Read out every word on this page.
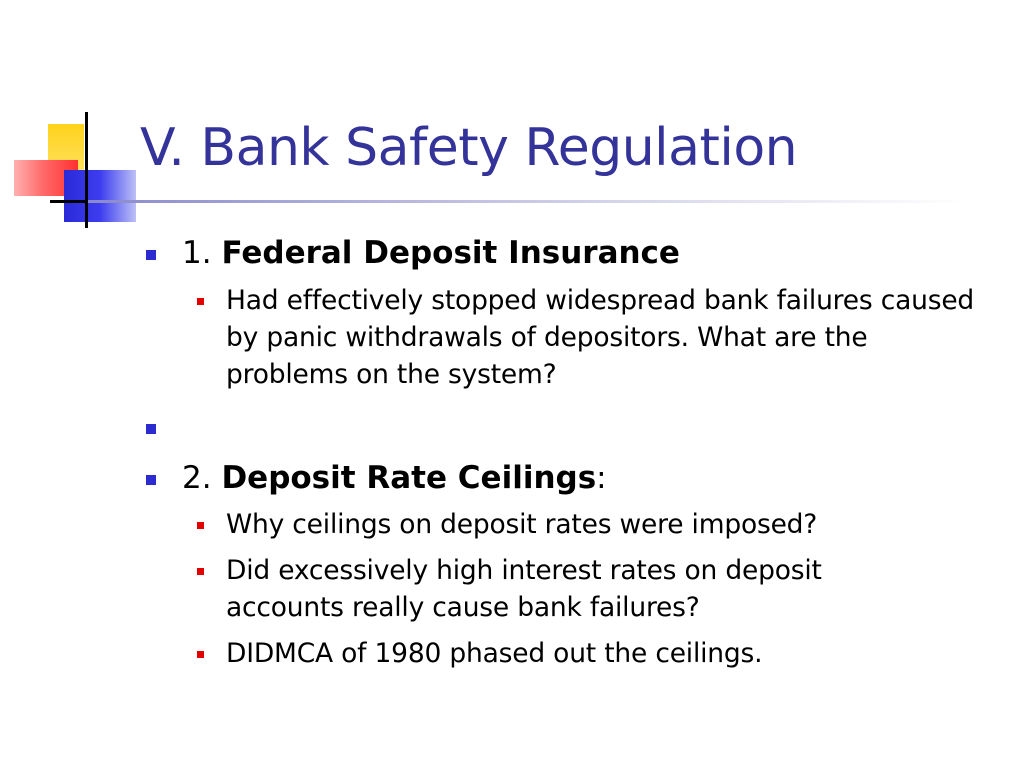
V. Bank Safety Regulation
1. Federal Deposit Insurance
Had effectively stopped widespread bank failures caused by panic withdrawals of depositors. What are the problems on the system?
2. Deposit Rate Ceilings:
Why ceilings on deposit rates were imposed?
Did excessively high interest rates on deposit accounts really cause bank failures?
DIDMCA of 1980 phased out the ceilings.
